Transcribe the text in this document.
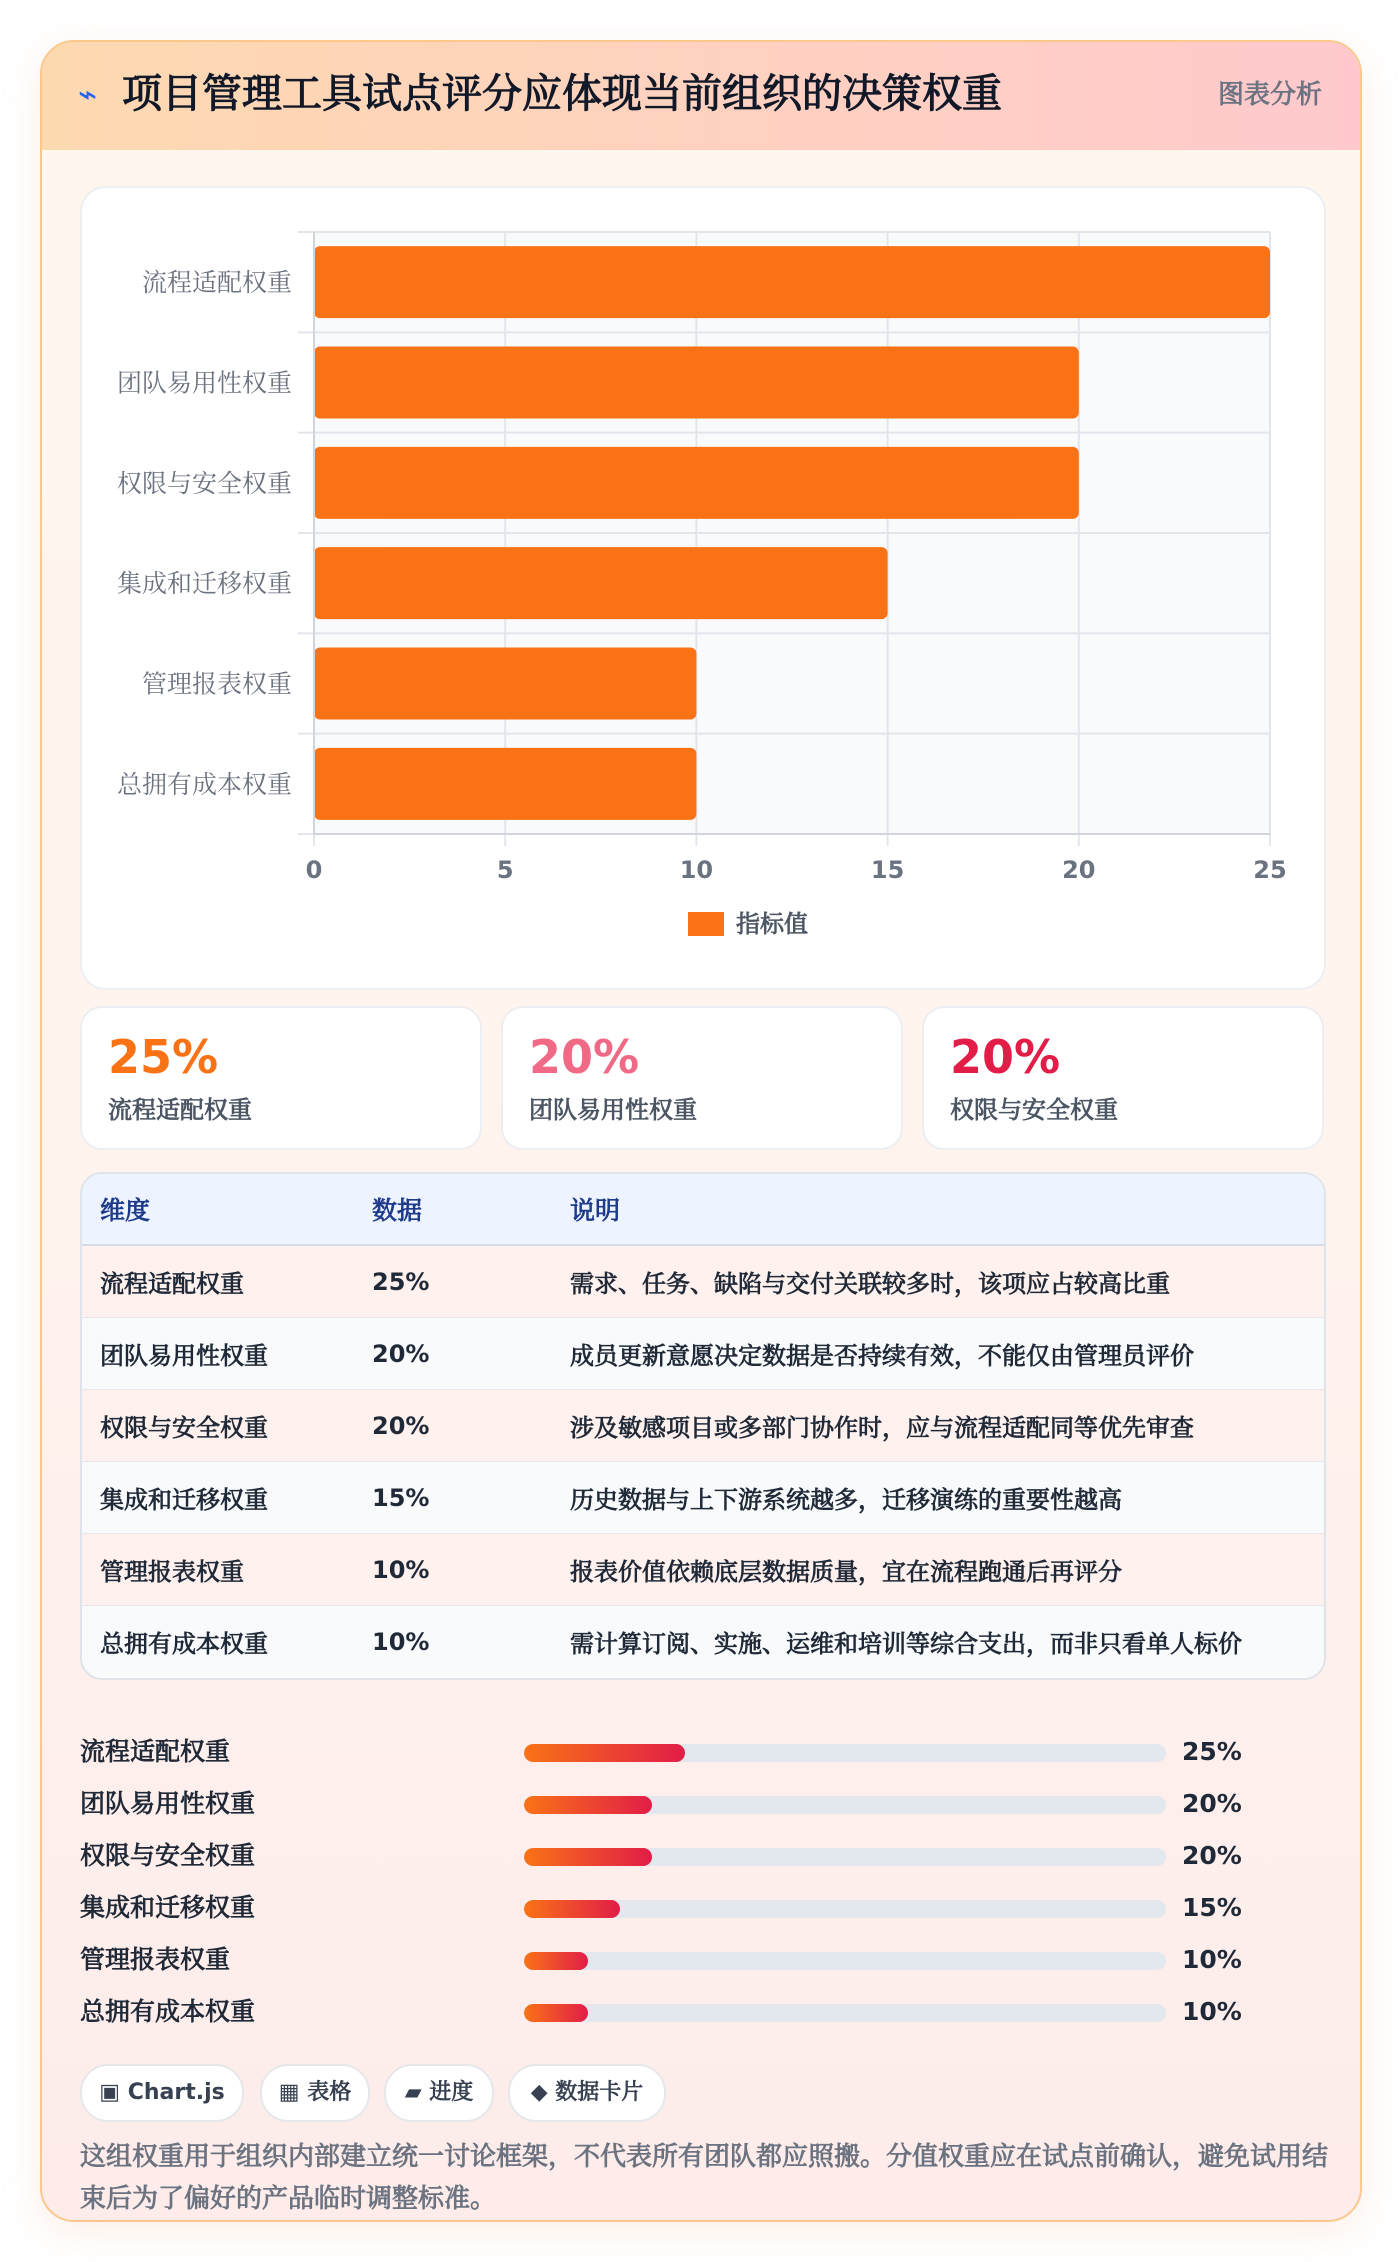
⌁ 项目管理工具试点评分应体现当前组织的决策权重	图表分析
0	5	10	15	20	25
流程适配权重
团队易用性权重
权限与安全权重
集成和迁移权重
管理报表权重
总拥有成本权重
指标值
25%
流程适配权重
20%
团队易用性权重
20%
权限与安全权重
维度	数据	说明
流程适配权重	25%	需求、任务、缺陷与交付关联较多时，该项应占较高比重
团队易用性权重	20%	成员更新意愿决定数据是否持续有效，不能仅由管理员评价
权限与安全权重	20%	涉及敏感项目或多部门协作时，应与流程适配同等优先审查
集成和迁移权重	15%	历史数据与上下游系统越多，迁移演练的重要性越高
管理报表权重	10%	报表价值依赖底层数据质量，宜在流程跑通后再评分
总拥有成本权重	10%	需计算订阅、实施、运维和培训等综合支出，而非只看单人标价
流程适配权重	25%
团队易用性权重	20%
权限与安全权重	20%
集成和迁移权重	15%
管理报表权重	10%
总拥有成本权重	10%
▣ Chart.js	▦ 表格	▰ 进度	◆ 数据卡片
这组权重用于组织内部建立统一讨论框架，不代表所有团队都应照搬。分值权重应在试点前确认，避免试用结束后为了偏好的产品临时调整标准。
